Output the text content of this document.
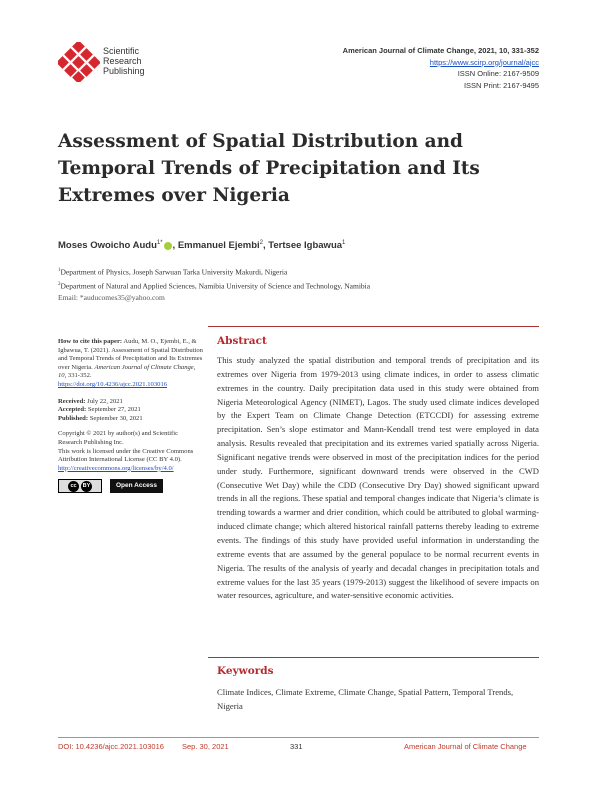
Scientific
Research
Publishing
American Journal of Climate Change, 2021, 10, 331-352
https://www.scirp.org/journal/ajcc
ISSN Online: 2167-9509
ISSN Print: 2167-9495
Assessment of Spatial Distribution and Temporal Trends of Precipitation and Its Extremes over Nigeria
Moses Owoicho Audu$^{1*}$ , Emmanuel Ejembi$^2$, Tertsee Igbawua$^1$
$^1$Department of Physics, Joseph Sarwuan Tarka University Makurdi, Nigeria
$^2$Department of Natural and Applied Sciences, Namibia University of Science and Technology, Namibia
Email: *auducomes35@yahoo.com

How to cite this paper: Audu, M. O., Ejembi, E., & Igbawua, T. (2021). Assessment of Spatial Distribution and Temporal Trends of Precipitation and Its Extremes over Nigeria. American Journal of Climate Change, 10, 331-352.

https://doi.org/10.4236/ajcc.2021.103016

Received: July 22, 2021

Accepted: September 27, 2021

Published: September 30, 2021

Copyright © 2021 by author(s) and Scientific Research Publishing Inc.

This work is licensed under the Creative Commons Attribution International License (CC BY 4.0).

http://creativecommons.org/licenses/by/4.0/

cc	BY	Open Access
Abstract
This study analyzed the spatial distribution and temporal trends of precipitation and its extremes over Nigeria from 1979-2013 using climate indices, in order to assess climatic extremes in the country. Daily precipitation data used in this study were obtained from Nigeria Meteorological Agency (NIMET), Lagos. The study used climate indices developed by the Expert Team on Climate Change Detection (ETCCDI) for assessing extreme precipitation. Sen’s slope estimator and Mann-Kendall trend test were employed in data analysis. Results revealed that precipitation and its extremes varied spatially across Nigeria. Significant negative trends were observed in most of the precipitation indices for the period under study. Furthermore, significant downward trends were observed in the CWD (Consecutive Wet Day) while the CDD (Consecutive Dry Day) showed significant upward trends in all the regions. These spatial and temporal changes indicate that Nigeria’s climate is trending towards a warmer and drier condition, which could be attributed to global warming-induced climate change; which altered historical rainfall patterns thereby leading to extreme events. The findings of this study have provided useful information in understanding the extreme events that are assumed by the general populace to be normal recurrent events in Nigeria. The results of the analysis of yearly and decadal changes in precipitation totals and extreme values for the last 35 years (1979-2013) suggest the likelihood of severe impacts on water resources, agriculture, and water-sensitive economic activities.
Keywords
Climate Indices, Climate Extreme, Climate Change, Spatial Pattern, Temporal Trends, Nigeria
DOI: 10.4236/ajcc.2021.103016 Sep. 30, 2021	331	American Journal of Climate Change
